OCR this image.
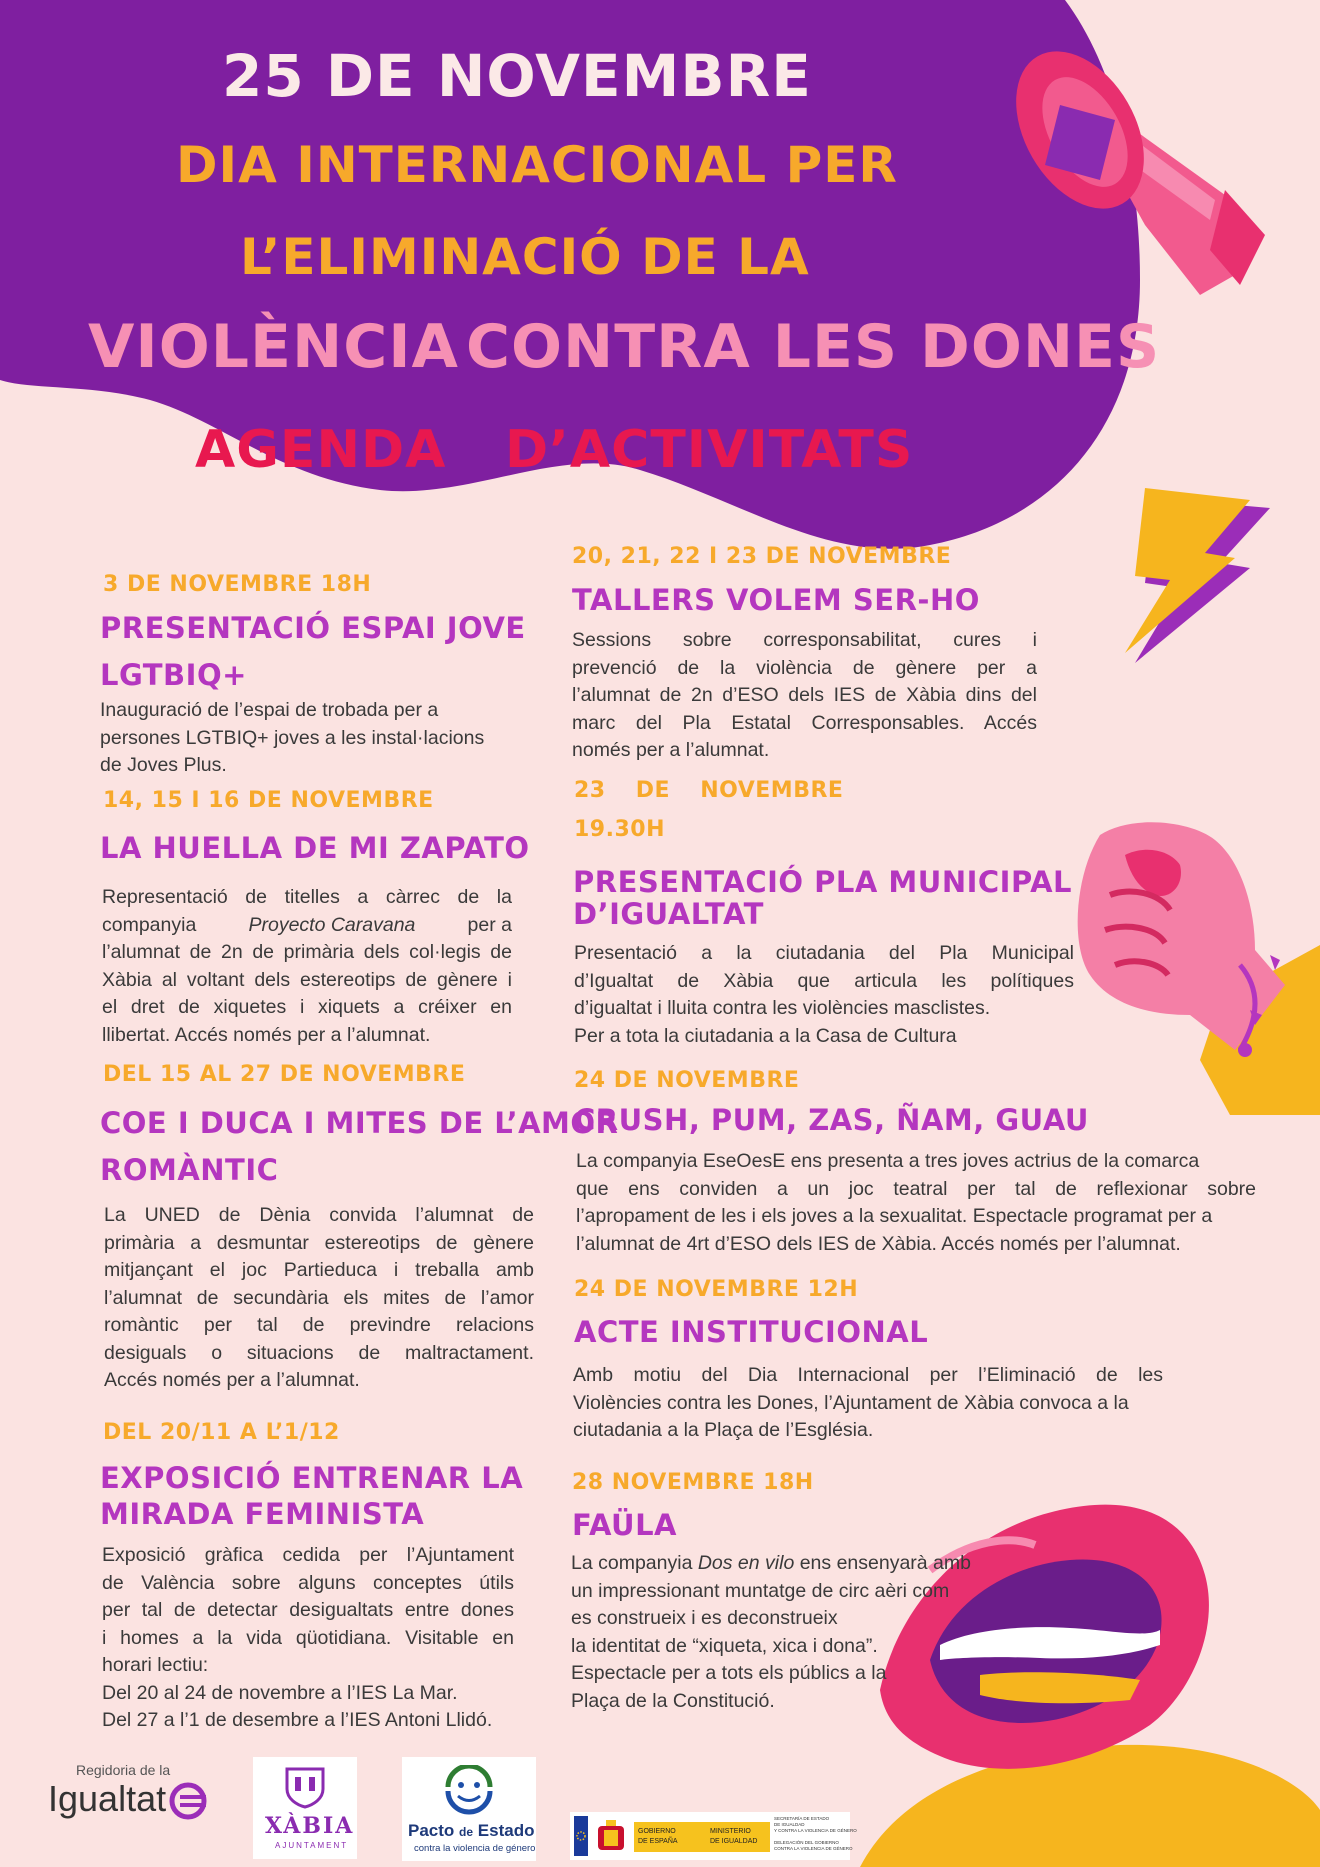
25 DE NOVEMBRE
DIA INTERNACIONAL PER
L’ELIMINACIÓ DE LA
VIOLÈNCIA CONTRA LES DONES
AGENDA D’ACTIVITATS
3 DE NOVEMBRE 18H
PRESENTACIÓ ESPAI JOVE
LGTBIQ+
Inauguració de l’espai de trobada per a
persones LGTBIQ+ joves a les instal·lacions
de Joves Plus.
14, 15 I 16 DE NOVEMBRE
LA HUELLA DE MI ZAPATO
Representació de titelles a càrrec de la
companyia	Proyecto Caravana	per a
l’alumnat de 2n de primària dels col·legis de
Xàbia al voltant dels estereotips de gènere i
el dret de xiquetes i xiquets a créixer en
llibertat. Accés només per a l’alumnat.
DEL 15 AL 27 DE NOVEMBRE
COE I DUCA I MITES DE L’AMOR
ROMÀNTIC
La UNED de Dènia convida l’alumnat de
primària a desmuntar estereotips de gènere
mitjançant el joc Partieduca i treballa amb
l’alumnat de secundària els mites de l’amor
romàntic per tal de previndre relacions
desiguals o situacions de maltractament.
Accés només per a l’alumnat.
DEL 20/11 A L’1/12
EXPOSICIÓ ENTRENAR LA
MIRADA FEMINISTA
Exposició gràfica cedida per l’Ajuntament
de València sobre alguns conceptes útils
per tal de detectar desigualtats entre dones
i homes a la vida qüotidiana. Visitable en
horari lectiu:
Del 20 al 24 de novembre a l’IES La Mar.
Del 27 a l’1 de desembre a l’IES Antoni Llidó.
20, 21, 22 I 23 DE NOVEMBRE
TALLERS VOLEM SER-HO
Sessions sobre corresponsabilitat, cures i
prevenció de la violència de gènere per a
l’alumnat de 2n d’ESO dels IES de Xàbia dins del
marc del Pla Estatal Corresponsables. Accés
només per a l’alumnat.
23 DE NOVEMBRE
19.30H
PRESENTACIÓ PLA MUNICIPAL
D’IGUALTAT
Presentació a la ciutadania del Pla Municipal
d’Igualtat de Xàbia que articula les polítiques
d’igualtat i lluita contra les violències masclistes.
Per a tota la ciutadania a la Casa de Cultura
24 DE NOVEMBRE
CRUSH, PUM, ZAS, ÑAM, GUAU
La companyia EseOesE ens presenta a tres joves actrius de la comarca
que ens conviden a un joc teatral per tal de reflexionar sobre
l’apropament de les i els joves a la sexualitat. Espectacle programat per a
l’alumnat de 4rt d’ESO dels IES de Xàbia. Accés només per l’alumnat.
24 DE NOVEMBRE 12H
ACTE INSTITUCIONAL
Amb motiu del Dia Internacional per l’Eliminació de les
Violències contra les Dones, l’Ajuntament de Xàbia convoca a la
ciutadania a la Plaça de l’Església.
28 NOVEMBRE 18H
FAÜLA
La companyia Dos en vilo ens ensenyarà amb
un impressionant muntatge de circ aèri com
es construeix i es deconstrueix
la identitat de “xiqueta, xica i dona”.
Espectacle per a tots els públics a la
Plaça de la Constitució.
Regidoria de la
Igualtat
XÀBIA
AJUNTAMENT
Pacto de Estado
contra la violencia de género
GOBIERNO
DE ESPAÑA
MINISTERIO
DE IGUALDAD
SECRETARÍA DE ESTADO
DE IGUALDAD
Y CONTRA LA VIOLENCIA DE GÉNERO
DELEGACIÓN DEL GOBIERNO
CONTRA LA VIOLENCIA DE GÉNERO
